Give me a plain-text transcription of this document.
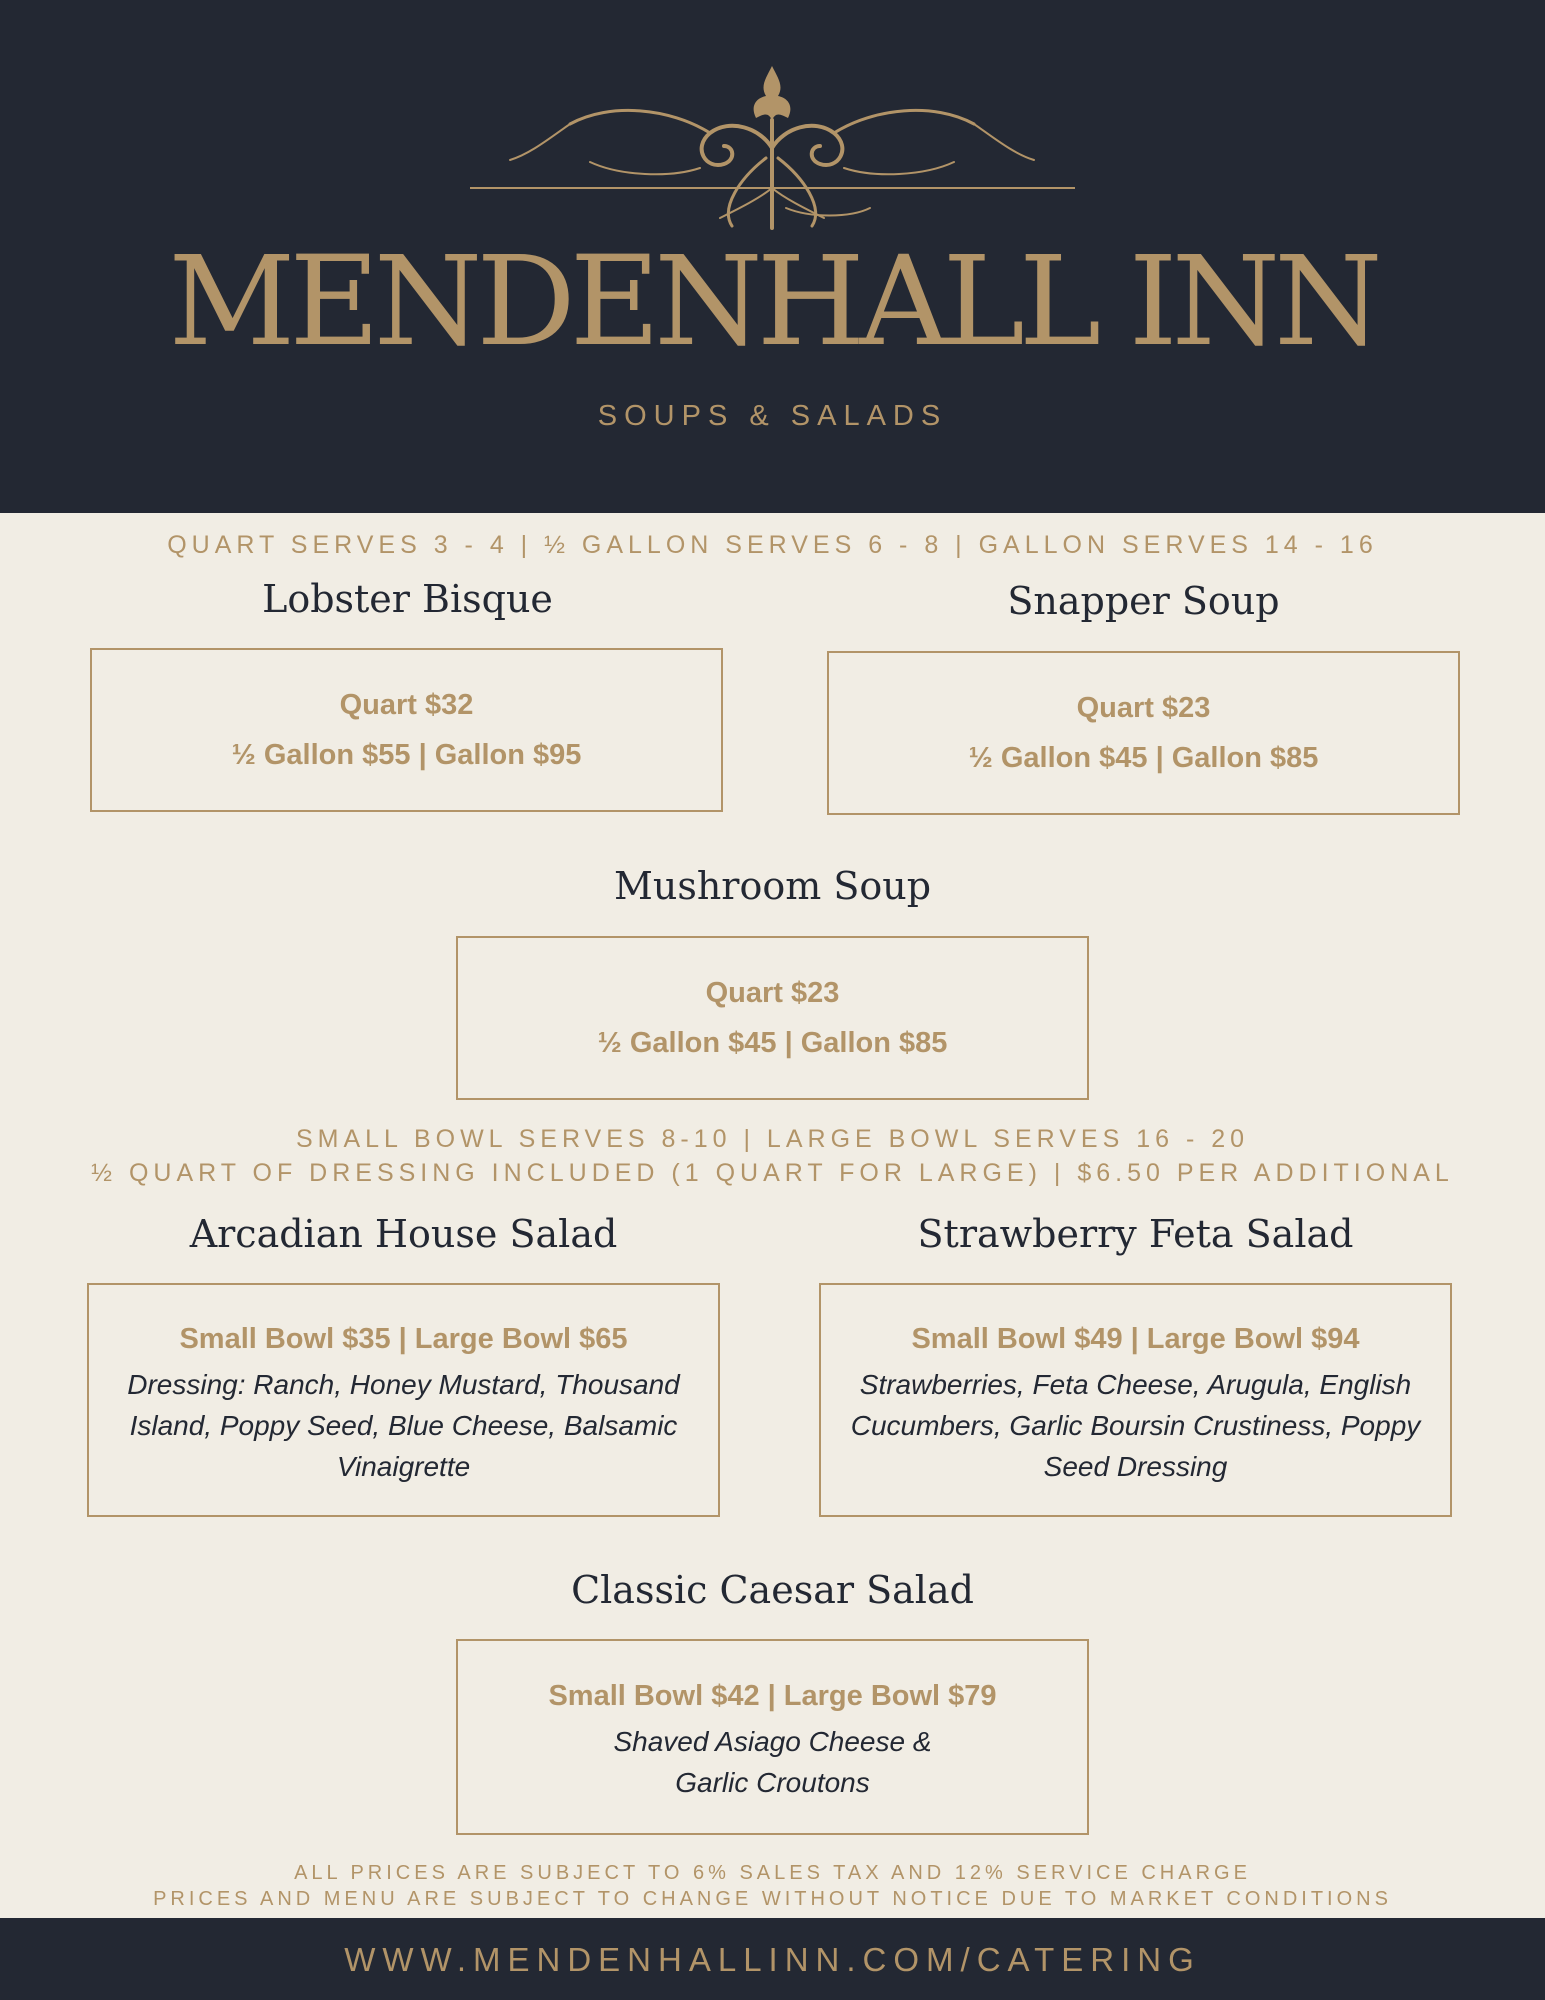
MENDENHALL INN
SOUPS & SALADS
QUART SERVES 3 - 4 | ½ GALLON SERVES 6 - 8 | GALLON SERVES 14 - 16
Lobster Bisque
Quart $32
½ Gallon $55 | Gallon $95
Snapper Soup
Quart $23
½ Gallon $45 | Gallon $85
Mushroom Soup
Quart $23
½ Gallon $45 | Gallon $85
SMALL BOWL SERVES 8-10 | LARGE BOWL SERVES 16 - 20
½ QUART OF DRESSING INCLUDED (1 QUART FOR LARGE) | $6.50 PER ADDITIONAL
Arcadian House Salad
Small Bowl $35 | Large Bowl $65
Dressing: Ranch, Honey Mustard, Thousand Island, Poppy Seed, Blue Cheese, Balsamic Vinaigrette
Strawberry Feta Salad
Small Bowl $49 | Large Bowl $94
Strawberries, Feta Cheese, Arugula, English Cucumbers, Garlic Boursin Crustiness, Poppy Seed Dressing
Classic Caesar Salad
Small Bowl $42 | Large Bowl $79
Shaved Asiago Cheese & Garlic Croutons
ALL PRICES ARE SUBJECT TO 6% SALES TAX AND 12% SERVICE CHARGE
PRICES AND MENU ARE SUBJECT TO CHANGE WITHOUT NOTICE DUE TO MARKET CONDITIONS
WWW.MENDENHALLINN.COM/CATERING
